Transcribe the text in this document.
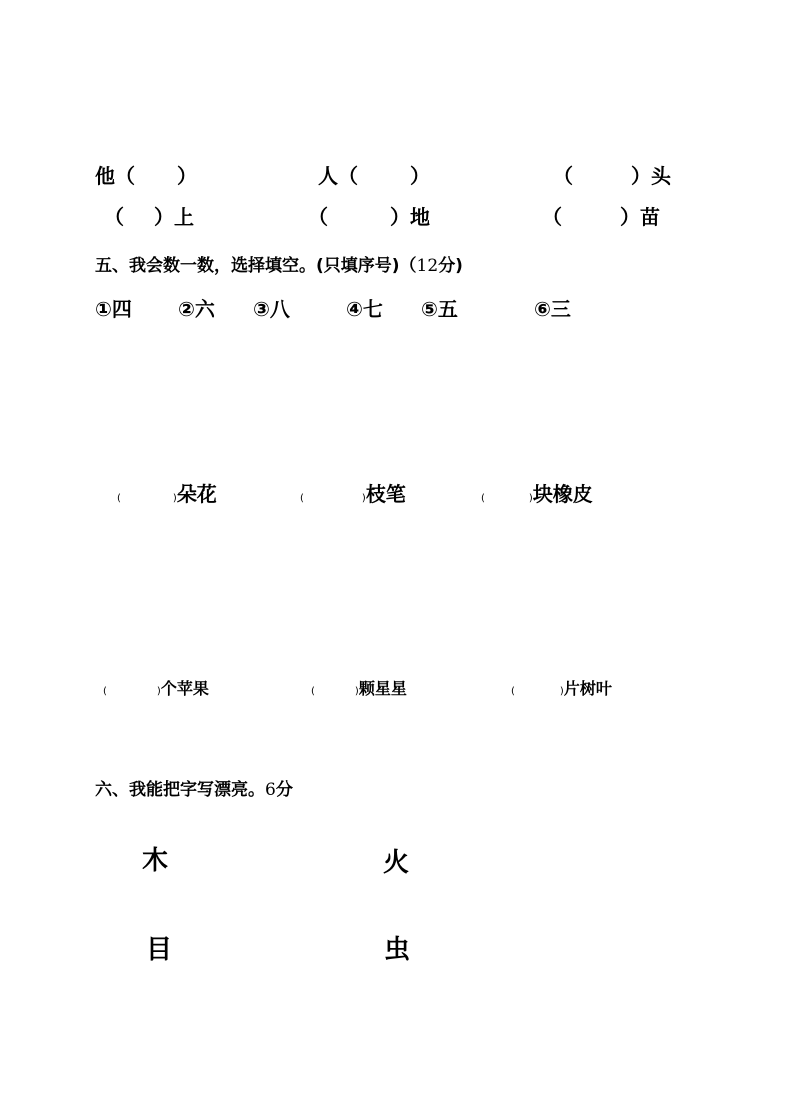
他（ ）	人（	）	（	）头
（ ）上	（	）地	（	）苗
五、我会数一数，选择填空。(只填序号)（12分)
①四 ②六 ③八	④七 ⑤五	⑥三
(	)朵花	(	)枝笔	(	)块橡皮
(	)个苹果	(	)颗星星	(	)片树叶
六、我能把字写漂亮。6分
木	火
目	虫
